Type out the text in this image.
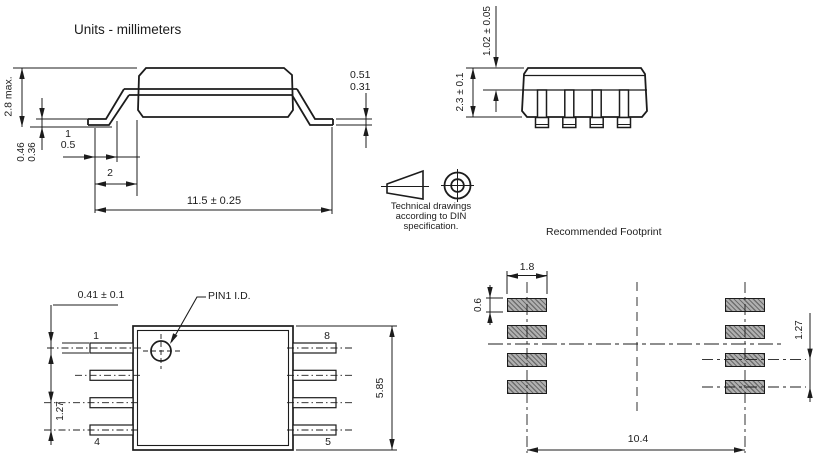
Units - millimeters
2.8 max.
0.46 0.36
1
0.5
2
11.5 ± 0.25
0.51
0.31
1.02 ± 0.05
2.3 ± 0.1
Technical drawings
according to DIN
specification.	Recommended Footprint
0.41 ± 0.1	PIN1 I.D.
1	8
4	5
1.27
5.85
1.8
0.6
1.27
10.4
